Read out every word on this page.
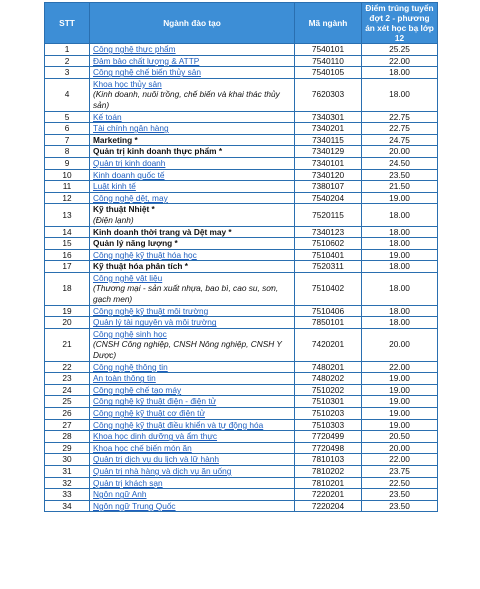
STT	Ngành đào tạo	Mã ngành	Điểm trúng tuyển đợt 2 - phương án xét học bạ lớp 12
1	Công nghệ thực phẩm	7540101	25.25
2	Đảm bảo chất lượng & ATTP	7540110	22.00
3	Công nghệ chế biến thủy sản	7540105	18.00
4	Khoa học thủy sản
(Kinh doanh, nuôi trồng, chế biến và khai thác thủy sản)	7620303	18.00
5	Kế toán	7340301	22.75
6	Tài chính ngân hàng	7340201	22.75
7	Marketing *	7340115	24.75
8	Quản trị kinh doanh thực phẩm *	7340129	20.00
9	Quản trị kinh doanh	7340101	24.50
10	Kinh doanh quốc tế	7340120	23.50
11	Luật kinh tế	7380107	21.50
12	Công nghệ dệt, may	7540204	19.00
13	Kỹ thuật Nhiệt *
(Điện lạnh)	7520115	18.00
14	Kinh doanh thời trang và Dệt may *	7340123	18.00
15	Quản lý năng lượng *	7510602	18.00
16	Công nghệ kỹ thuật hóa học	7510401	19.00
17	Kỹ thuật hóa phân tích *	7520311	18.00
18	Công nghệ vật liệu
(Thương mại - sản xuất nhựa, bao bì, cao su, sơn, gạch men)	7510402	18.00
19	Công nghệ kỹ thuật môi trường	7510406	18.00
20	Quản lý tài nguyên và môi trường	7850101	18.00
21	Công nghệ sinh học
(CNSH Công nghiệp, CNSH Nông nghiệp, CNSH Y Dược)	7420201	20.00
22	Công nghệ thông tin	7480201	22.00
23	An toàn thông tin	7480202	19.00
24	Công nghệ chế tạo máy	7510202	19.00
25	Công nghệ kỹ thuật điện - điện tử	7510301	19.00
26	Công nghệ kỹ thuật cơ điện tử	7510203	19.00
27	Công nghệ kỹ thuật điều khiển và tự động hóa	7510303	19.00
28	Khoa học dinh dưỡng và ẩm thực	7720499	20.50
29	Khoa học chế biến món ăn	7720498	20.00
30	Quản trị dịch vụ du lịch và lữ hành	7810103	22.00
31	Quản trị nhà hàng và dịch vụ ăn uống	7810202	23.75
32	Quản trị khách sạn	7810201	22.50
33	Ngôn ngữ Anh	7220201	23.50
34	Ngôn ngữ Trung Quốc	7220204	23.50
